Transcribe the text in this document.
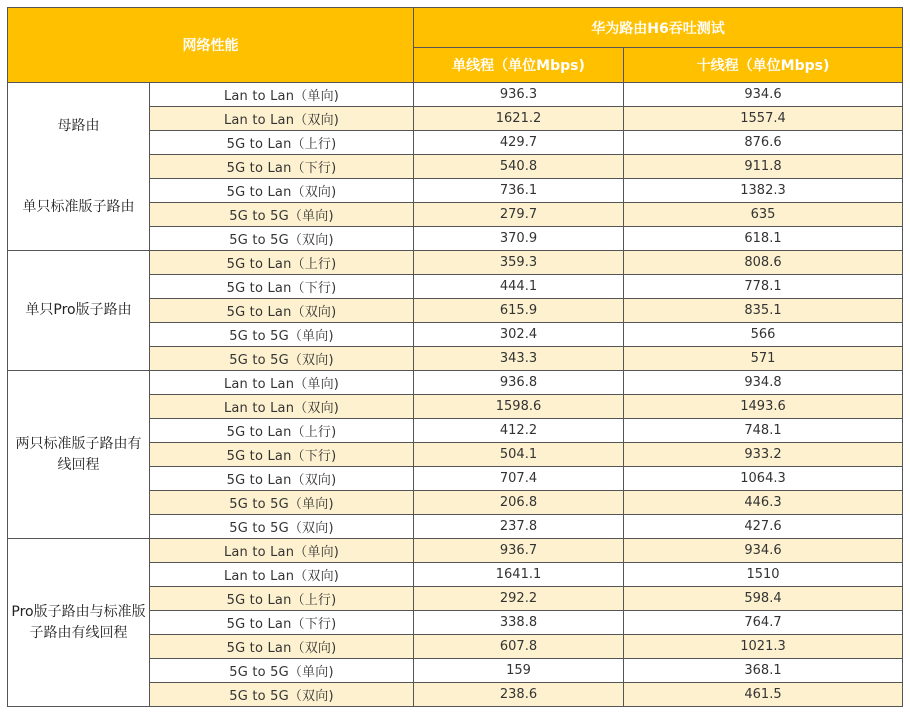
网络性能		华为路由H6吞吐测试	
		单线程（单位Mbps)	十线程（单位Mbps)

母路由
单只标准版子路由	Lan to Lan（单向)	936.3	934.6
	Lan to Lan（双向)	1621.2	1557.4
	5G to Lan（上行)	429.7	876.6
	5G to Lan（下行)	540.8	911.8
	5G to Lan（双向)	736.1	1382.3
	5G to 5G（单向)	279.7	635
	5G to 5G（双向)	370.9	618.1

单只Pro版子路由	5G to Lan（上行)	359.3	808.6
	5G to Lan（下行)	444.1	778.1
	5G to Lan（双向)	615.9	835.1
	5G to 5G（单向)	302.4	566
	5G to 5G（双向)	343.3	571

两只标准版子路由有线回程	Lan to Lan（单向)	936.8	934.8
	Lan to Lan（双向)	1598.6	1493.6
	5G to Lan（上行)	412.2	748.1
	5G to Lan（下行)	504.1	933.2
	5G to Lan（双向)	707.4	1064.3
	5G to 5G（单向)	206.8	446.3
	5G to 5G（双向)	237.8	427.6

Pro版子路由与标准版子路由有线回程	Lan to Lan（单向)	936.7	934.6
	Lan to Lan（双向)	1641.1	1510
	5G to Lan（上行)	292.2	598.4
	5G to Lan（下行)	338.8	764.7
	5G to Lan（双向)	607.8	1021.3
	5G to 5G（单向)	159	368.1
	5G to 5G（双向)	238.6	461.5
